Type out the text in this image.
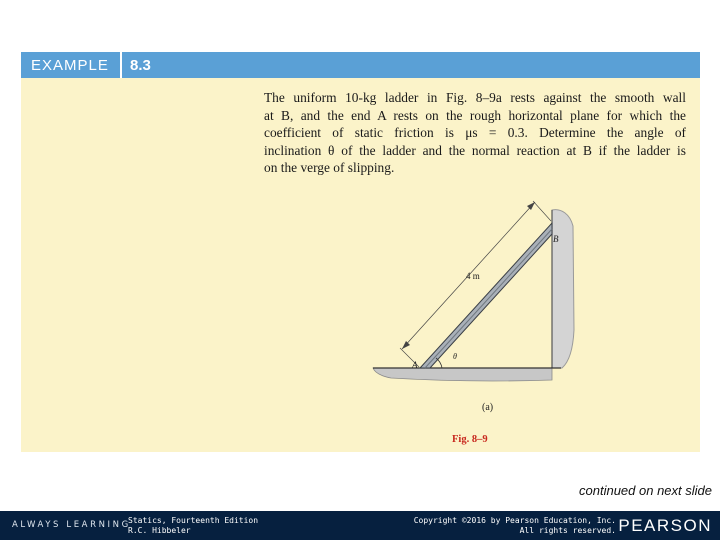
EXAMPLE	8.3

The uniform 10-kg ladder in Fig. 8–9a rests against the smooth wall
at B, and the end A rests on the rough horizontal plane for which the
coefficient of static friction is μs = 0.3. Determine the angle of
inclination θ of the ladder and the normal reaction at B if the ladder is
on the verge of slipping.

4 m
B
A
θ
(a)
Fig. 8–9
continued on next slide
ALWAYS LEARNING
Statics, Fourteenth Edition
R.C. Hibbeler
Copyright ©2016 by Pearson Education, Inc.
All rights reserved. PEARSON
